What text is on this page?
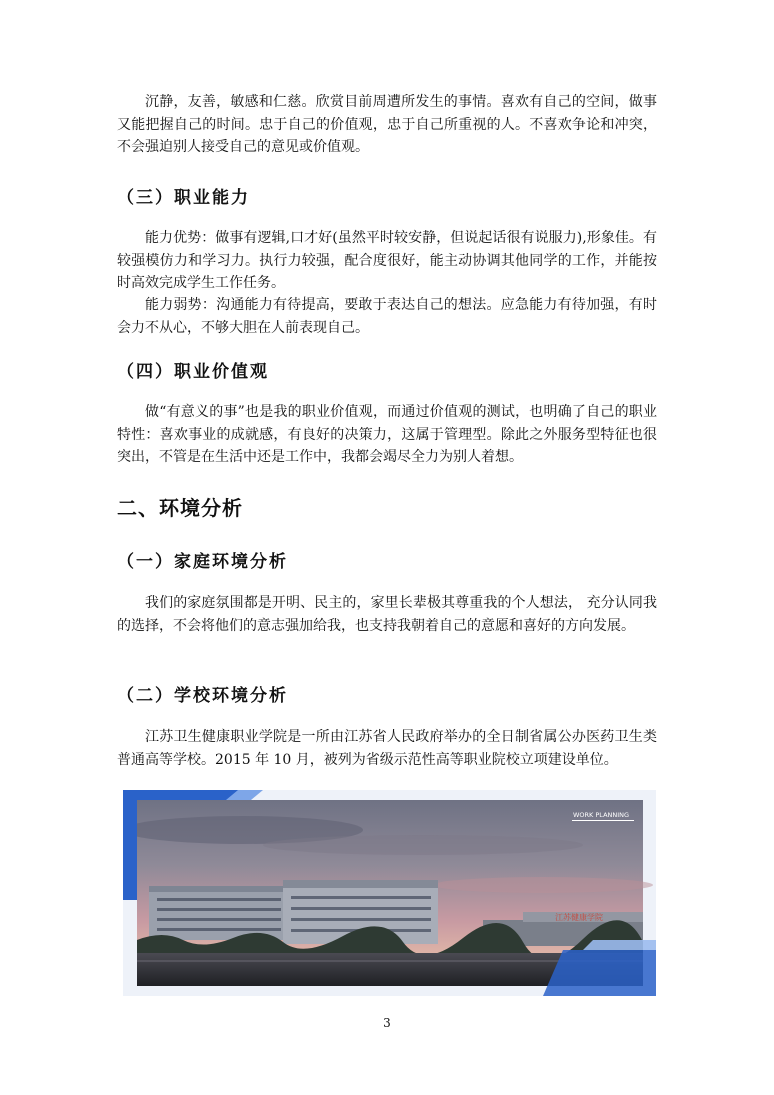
沉静，友善，敏感和仁慈。欣赏目前周遭所发生的事情。喜欢有自己的空间，做事又能把握自己的时间。忠于自己的价值观，忠于自己所重视的人。不喜欢争论和冲突，不会强迫别人接受自己的意见或价值观。

（三）职业能力

能力优势：做事有逻辑,口才好(虽然平时较安静，但说起话很有说服力),形象佳。有较强模仿力和学习力。执行力较强，配合度很好，能主动协调其他同学的工作，并能按时高效完成学生工作任务。

能力弱势：沟通能力有待提高，要敢于表达自己的想法。应急能力有待加强，有时会力不从心，不够大胆在人前表现自己。

（四）职业价值观

做“有意义的事”也是我的职业价值观，而通过价值观的测试，也明确了自己的职业特性：喜欢事业的成就感，有良好的决策力，这属于管理型。除此之外服务型特征也很突出，不管是在生活中还是工作中，我都会竭尽全力为别人着想。

二、环境分析
（一）家庭环境分析

我们的家庭氛围都是开明、民主的，家里长辈极其尊重我的个人想法， 充分认同我的选择，不会将他们的意志强加给我，也支持我朝着自己的意愿和喜好的方向发展。

（二）学校环境分析

江苏卫生健康职业学院是一所由江苏省人民政府举办的全日制省属公办医药卫生类普通高等学校。2015 年 10 月，被列为省级示范性高等职业院校立项建设单位。

江苏健康学院
WORK PLANNING
3
